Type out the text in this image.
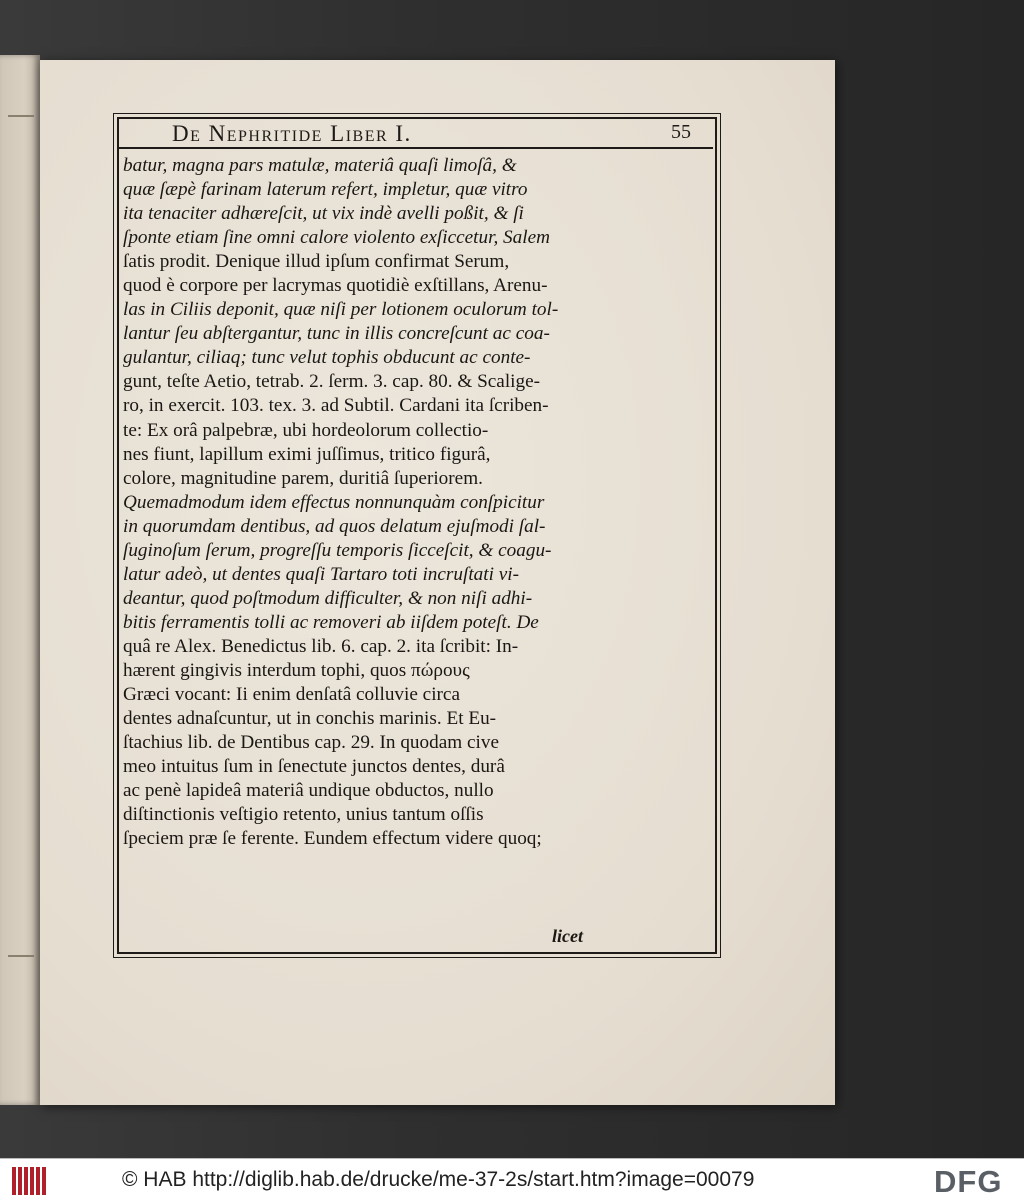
De Nephritide Liber I.	55
batur, magna pars matulæ, materiâ quaſi limoſâ, &
quæ ſæpè farinam laterum refert, impletur, quæ vitro
ita tenaciter adhæreſcit, ut vix indè avelli poßit, & ſi
ſponte etiam ſine omni calore violento exſiccetur, Salem
ſatis prodit. Denique illud ipſum confirmat Serum,
quod è corpore per lacrymas quotidiè exſtillans, Arenu-
las in Ciliis deponit, quæ niſi per lotionem oculorum tol-
lantur ſeu abſtergantur, tunc in illis concreſcunt ac coa-
gulantur, ciliaq; tunc velut tophis obducunt ac conte-
gunt, teſte Aetio, tetrab. 2. ſerm. 3. cap. 80. & Scalige-
ro, in exercit. 103. tex. 3. ad Subtil. Cardani ita ſcriben-
te: Ex orâ palpebræ, ubi hordeolorum collectio-
nes fiunt, lapillum eximi juſſimus, tritico figurâ,
colore, magnitudine parem, duritiâ ſuperiorem.
Quemadmodum idem effectus nonnunquàm conſpicitur
in quorumdam dentibus, ad quos delatum ejuſmodi ſal-
ſuginoſum ſerum, progreſſu temporis ſicceſcit, & coagu-
latur adeò, ut dentes quaſi Tartaro toti incruſtati vi-
deantur, quod poſtmodum difficulter, & non niſi adhi-
bitis ferramentis tolli ac removeri ab iiſdem poteſt. De
quâ re Alex. Benedictus lib. 6. cap. 2. ita ſcribit: In-
hærent gingivis interdum tophi, quos πώρους
Græci vocant: Ii enim denſatâ colluvie circa
dentes adnaſcuntur, ut in conchis marinis. Et Eu-
ſtachius lib. de Dentibus cap. 29. In quodam cive
meo intuitus ſum in ſenectute junctos dentes, durâ
ac penè lapideâ materiâ undique obductos, nullo
diſtinctionis veſtigio retento, unius tantum oſſis
ſpeciem præ ſe ferente. Eundem effectum videre quoq;
licet
© HAB http://diglib.hab.de/drucke/me-37-2s/start.htm?image=00079	DFG
